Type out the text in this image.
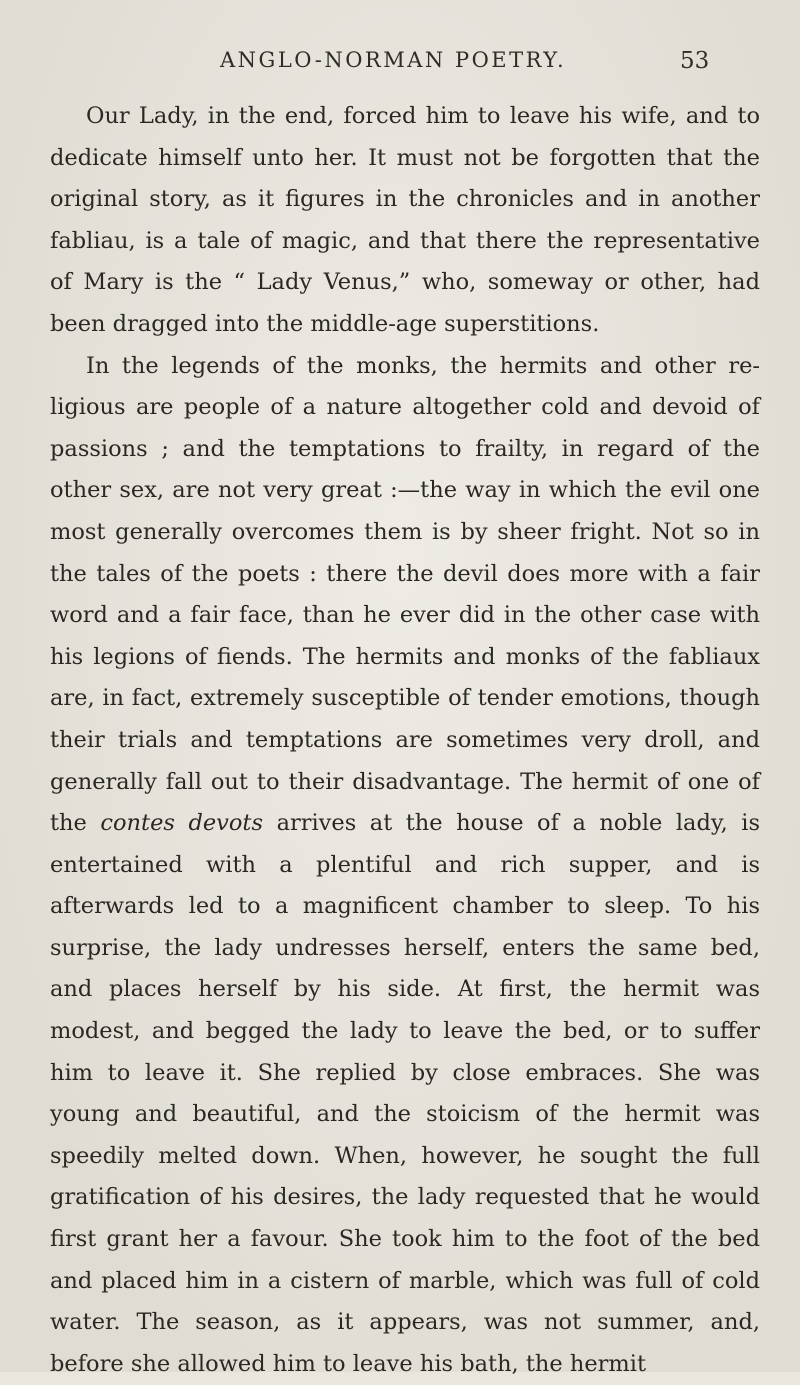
ANGLO-NORMAN POETRY.	53

Our Lady, in the end, forced him to leave his wife, and to dedicate himself unto her. It must not be forgotten that the original story, as it figures in the chronicles and in another fabliau, is a tale of magic, and that there the representative of Mary is the “ Lady Venus,” who, someway or other, had been dragged into the middle-age superstitions.

In the legends of the monks, the hermits and other religious are people of a nature altogether cold and devoid of passions ; and the temptations to frailty, in regard of the other sex, are not very great :—the way in which the evil one most generally overcomes them is by sheer fright. Not so in the tales of the poets : there the devil does more with a fair word and a fair face, than he ever did in the other case with his legions of fiends. The hermits and monks of the fabliaux are, in fact, extremely susceptible of tender emotions, though their trials and temptations are sometimes very droll, and generally fall out to their disadvantage. The hermit of one of the contes devots arrives at the house of a noble lady, is entertained with a plentiful and rich supper, and is afterwards led to a magnificent chamber to sleep. To his surprise, the lady undresses herself, enters the same bed, and places herself by his side. At first, the hermit was modest, and begged the lady to leave the bed, or to suffer him to leave it. She replied by close embraces. She was young and beautiful, and the stoicism of the hermit was speedily melted down. When, however, he sought the full gratification of his desires, the lady requested that he would first grant her a favour. She took him to the foot of the bed and placed him in a cistern of marble, which was full of cold water. The season, as it appears, was not summer, and, before she allowed him to leave his bath, the hermit
